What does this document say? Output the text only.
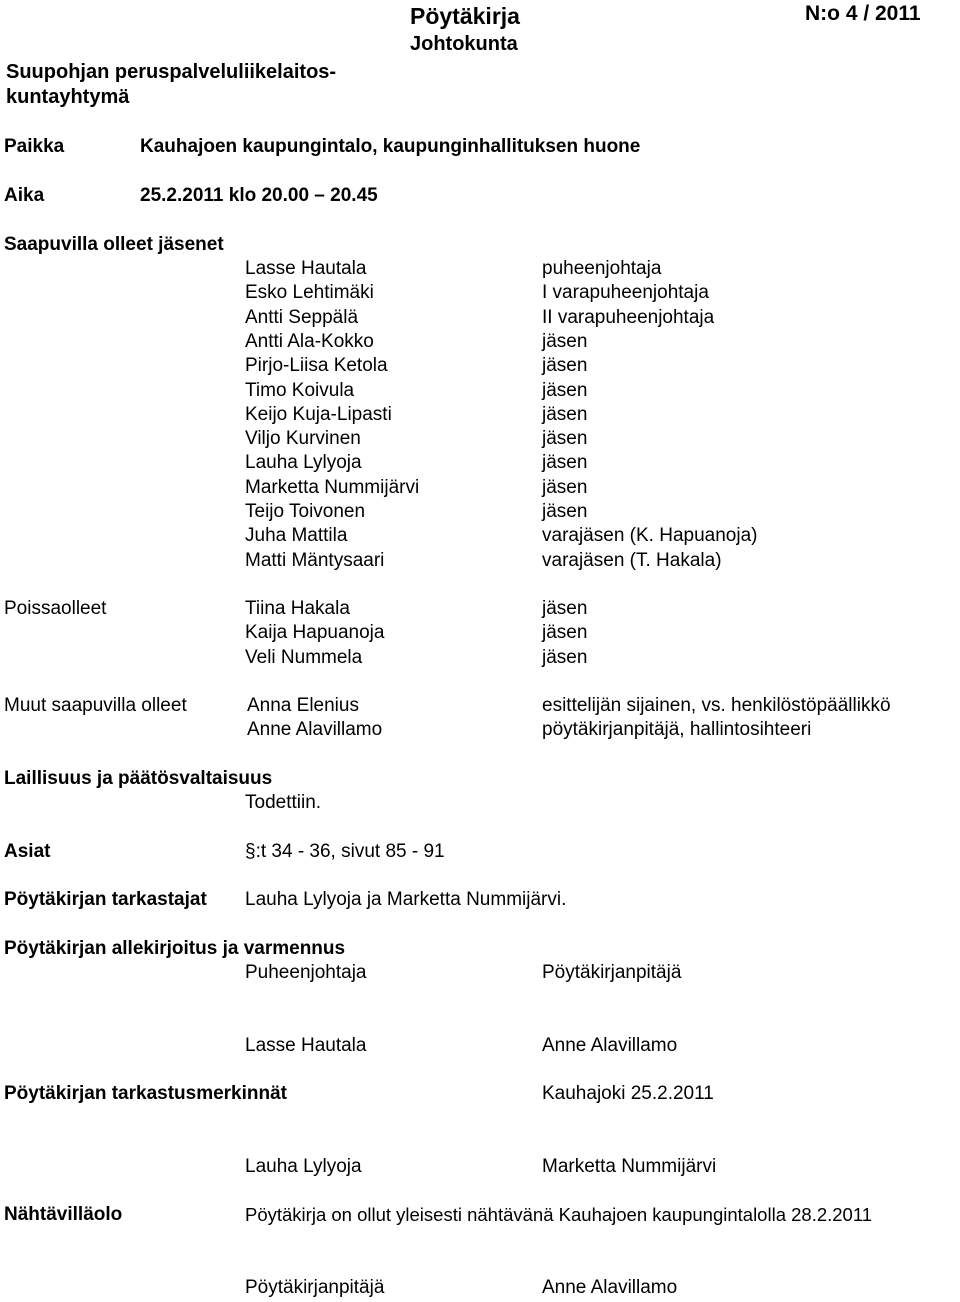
Pöytäkirja
Johtokunta
N:o 4 / 2011
Suupohjan peruspalveluliikelaitos-
kuntayhtymä
Paikka	Kauhajoen kaupungintalo, kaupunginhallituksen huone
Aika	25.2.2011 klo 20.00 – 20.45
Saapuvilla olleet jäsenet
Lasse Hautala	puheenjohtaja
Esko Lehtimäki	I varapuheenjohtaja
Antti Seppälä	II varapuheenjohtaja
Antti Ala-Kokko	jäsen
Pirjo-Liisa Ketola	jäsen
Timo Koivula	jäsen
Keijo Kuja-Lipasti	jäsen
Viljo Kurvinen	jäsen
Lauha Lylyoja	jäsen
Marketta Nummijärvi	jäsen
Teijo Toivonen	jäsen
Juha Mattila	varajäsen (K. Hapuanoja)
Matti Mäntysaari	varajäsen (T. Hakala)
Poissaolleet	Tiina Hakala	jäsen
Kaija Hapuanoja	jäsen
Veli Nummela	jäsen
Muut saapuvilla olleet	Anna Elenius	esittelijän sijainen, vs. henkilöstöpäällikkö
Anne Alavillamo	pöytäkirjanpitäjä, hallintosihteeri
Laillisuus ja päätösvaltaisuus
Todettiin.
Asiat	§:t 34 - 36, sivut 85 - 91
Pöytäkirjan tarkastajat Lauha Lylyoja ja Marketta Nummijärvi.
Pöytäkirjan allekirjoitus ja varmennus
Puheenjohtaja	Pöytäkirjanpitäjä
Lasse Hautala	Anne Alavillamo
Pöytäkirjan tarkastusmerkinnät	Kauhajoki 25.2.2011
Lauha Lylyoja	Marketta Nummijärvi
Nähtävilläolo	Pöytäkirja on ollut yleisesti nähtävänä Kauhajoen kaupungintalolla 28.2.2011
Pöytäkirjanpitäjä	Anne Alavillamo
